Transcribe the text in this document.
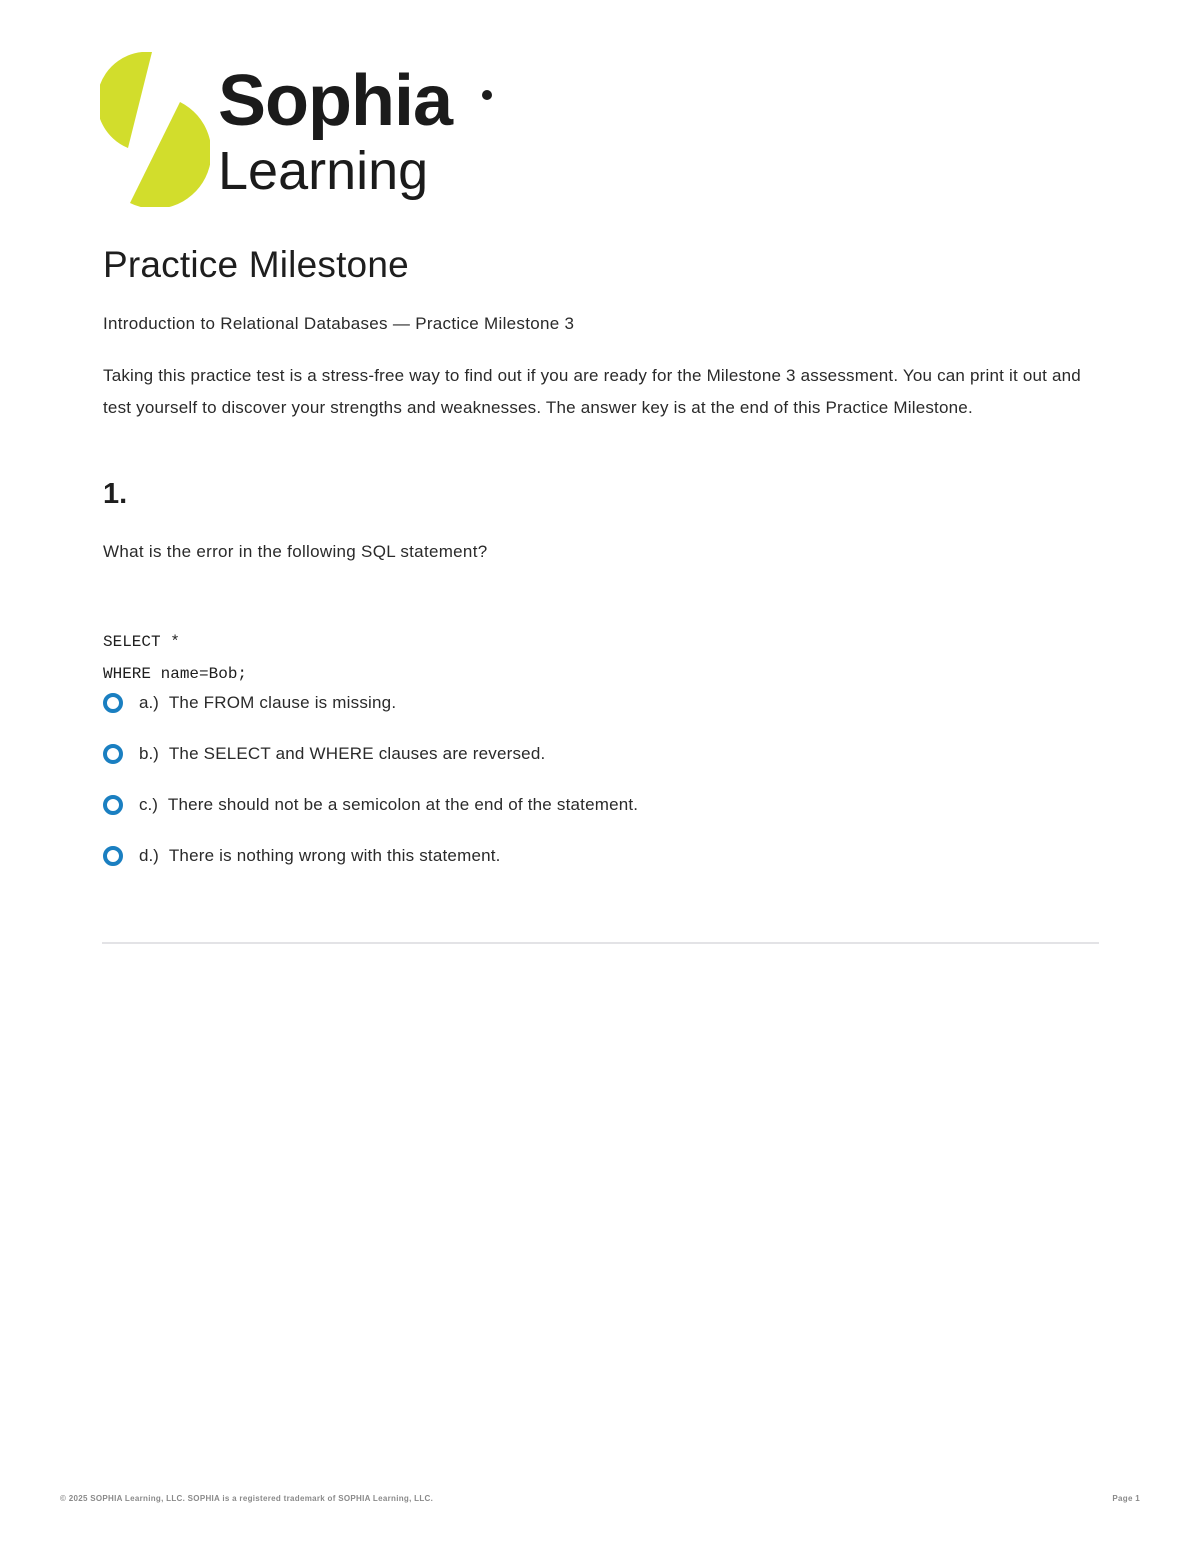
Sophia
Learning
Practice Milestone

Introduction to Relational Databases — Practice Milestone 3

Taking this practice test is a stress-free way to find out if you are ready for the Milestone 3 assessment. You can print it out and test yourself to discover your strengths and weaknesses. The answer key is at the end of this Practice Milestone.

1.

What is the error in the following SQL statement?

SELECT *
WHERE name=Bob;
a.) The FROM clause is missing.
b.) The SELECT and WHERE clauses are reversed.
c.) There should not be a semicolon at the end of the statement.
d.) There is nothing wrong with this statement.
© 2025 SOPHIA Learning, LLC. SOPHIA is a registered trademark of SOPHIA Learning, LLC.	Page 1
